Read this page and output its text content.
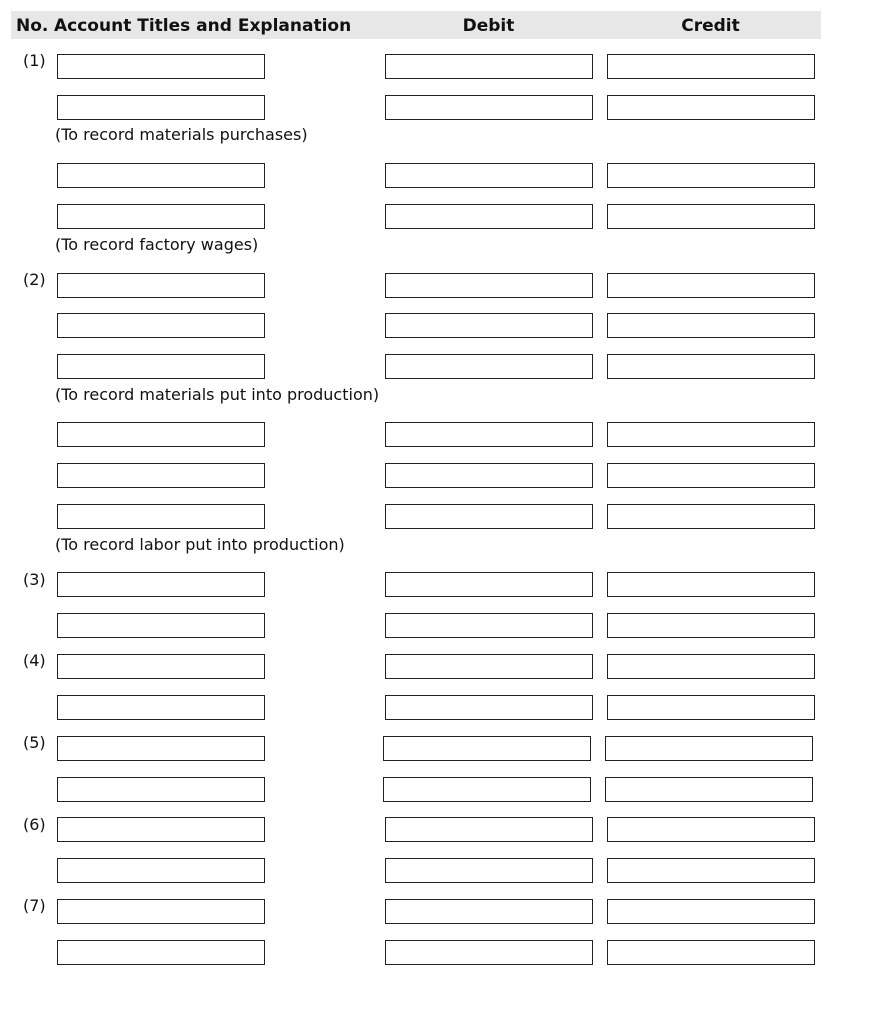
No. Account Titles and Explanation	Debit	Credit
(1)
(To record materials purchases)
(To record factory wages)
(2)
(To record materials put into production)
(To record labor put into production)
(3)
(4)
(5)
(6)
(7)
